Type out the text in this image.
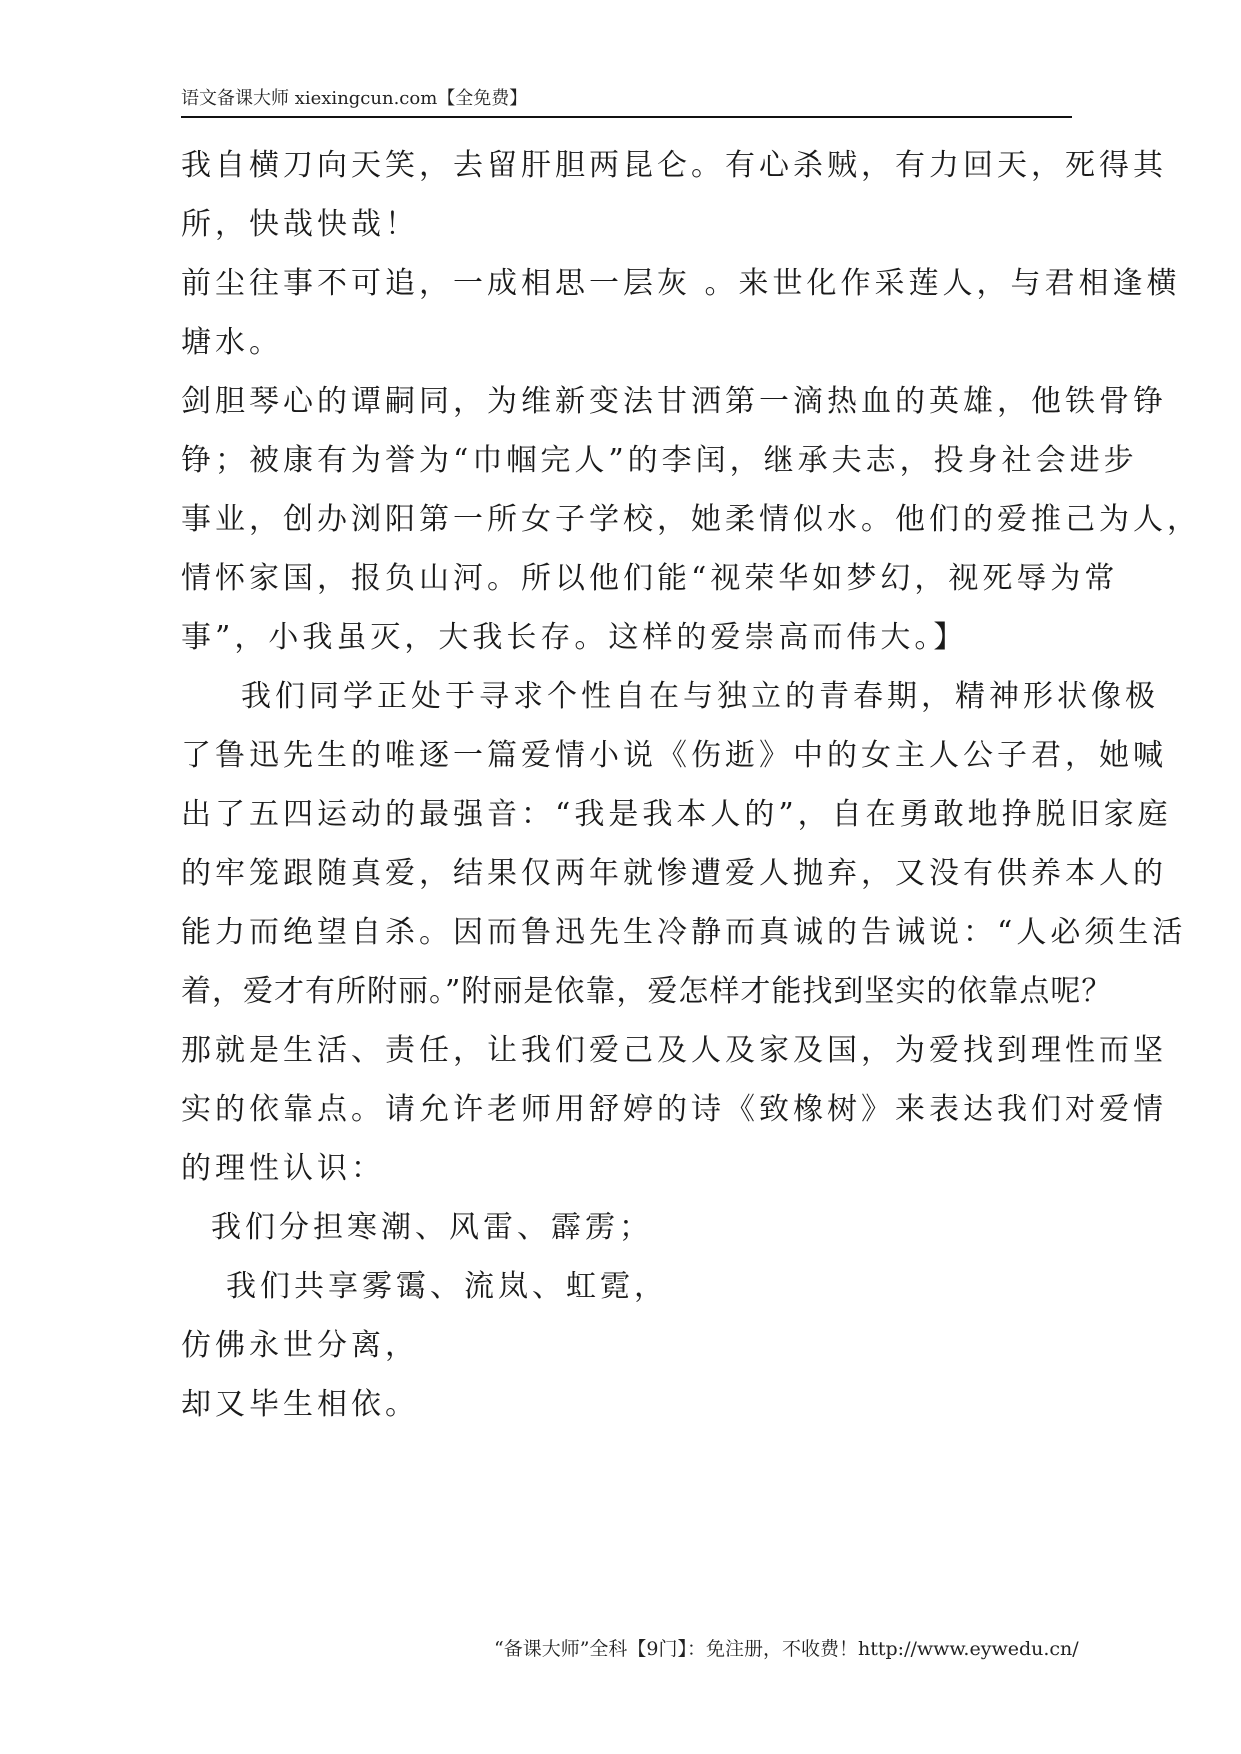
语文备课大师 xiexingcun.com【全免费】
我自横刀向天笑，去留肝胆两昆仑。有心杀贼，有力回天，死得其
所，快哉快哉！
前尘往事不可追，一成相思一层灰 。来世化作采莲人，与君相逢横
塘水。
剑胆琴心的谭嗣同，为维新变法甘洒第一滴热血的英雄，他铁骨铮
铮；被康有为誉为“巾帼完人”的李闰，继承夫志，投身社会进步
事业，创办浏阳第一所女子学校，她柔情似水。他们的爱推己为人，
情怀家国，报负山河。所以他们能“视荣华如梦幻，视死辱为常
事”，小我虽灭，大我长存。这样的爱崇高而伟大。】
我们同学正处于寻求个性自在与独立的青春期，精神形状像极
了鲁迅先生的唯逐一篇爱情小说《伤逝》中的女主人公子君，她喊
出了五四运动的最强音：“我是我本人的”，自在勇敢地挣脱旧家庭
的牢笼跟随真爱，结果仅两年就惨遭爱人抛弃，又没有供养本人的
能力而绝望自杀。因而鲁迅先生冷静而真诚的告诫说：“人必须生活
着，爱才有所附丽。”附丽是依靠，爱怎样才能找到坚实的依靠点呢？
那就是生活、责任，让我们爱己及人及家及国，为爱找到理性而坚
实的依靠点。请允许老师用舒婷的诗《致橡树》来表达我们对爱情
的理性认识：
我们分担寒潮、风雷、霹雳；
我们共享雾霭、流岚、虹霓，
仿佛永世分离，
却又毕生相依。
“备课大师”全科【9门】：免注册，不收费！http://www.eywedu.cn/
